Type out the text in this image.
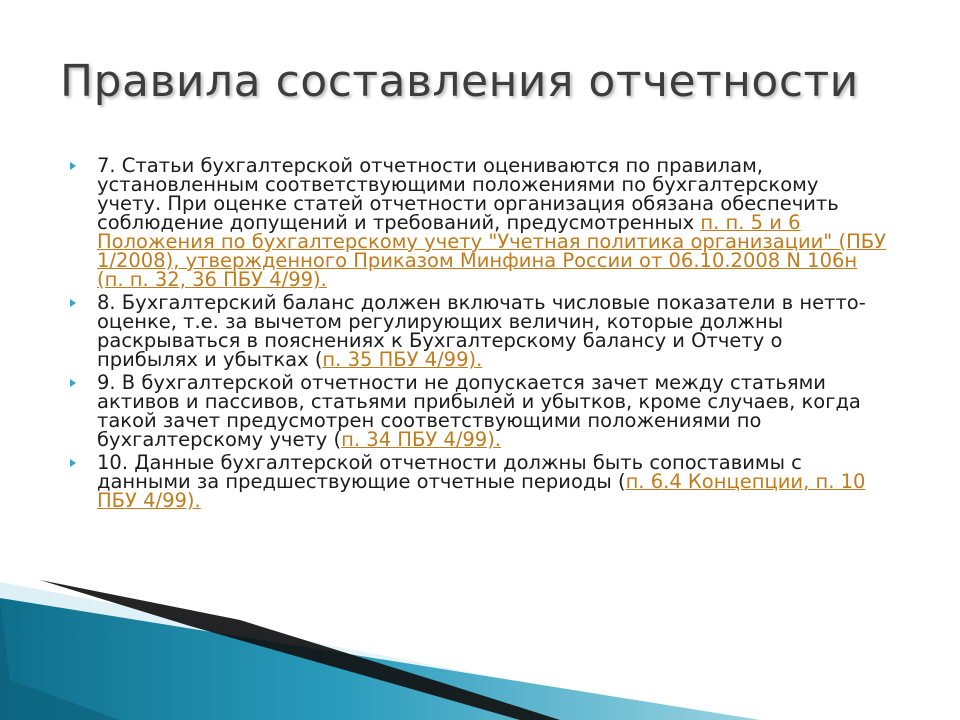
Правила составления отчетности
7. Статьи бухгалтерской отчетности оцениваются по правилам, установленным соответствующими положениями по бухгалтерскому учету. При оценке статей отчетности организация обязана обеспечить соблюдение допущений и требований, предусмотренных п. п. 5 и 6 Положения по бухгалтерскому учету "Учетная политика организации" (ПБУ 1/2008), утвержденного Приказом Минфина России от 06.10.2008 N 106н (п. п. 32, 36 ПБУ 4/99).
8. Бухгалтерский баланс должен включать числовые показатели в нетто-оценке, т.е. за вычетом регулирующих величин, которые должны раскрываться в пояснениях к Бухгалтерскому балансу и Отчету о прибылях и убытках (п. 35 ПБУ 4/99).
9. В бухгалтерской отчетности не допускается зачет между статьями активов и пассивов, статьями прибылей и убытков, кроме случаев, когда такой зачет предусмотрен соответствующими положениями по бухгалтерскому учету (п. 34 ПБУ 4/99).
10. Данные бухгалтерской отчетности должны быть сопоставимы с данными за предшествующие отчетные периоды (п. 6.4 Концепции, п. 10 ПБУ 4/99).
